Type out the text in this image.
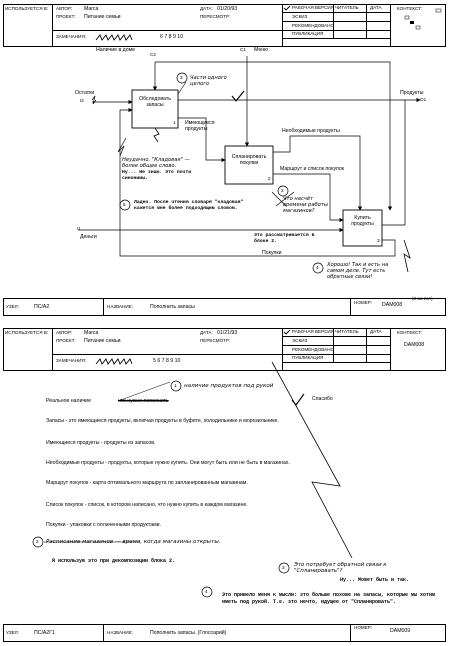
ИСПОЛЬЗУЕТСЯ В: АВТОР: Marca
ПРОЕКТ: Питание семьи
ДАТА: 01/20/93
ПЕРЕСМОТР:
ЗАМЕЧАНИЯ:	6 7 8 9 10
РАБОЧАЯ ВЕРСИЯ
ЭСКИЗ
РЕКОМЕНДОВАНО
ПУБЛИКАЦИЯ
ЧИТАТЕЛЬ ДАТА	КОНТЕКСТ:
C2
Наличие в доме	C1 Меню
I2
Остатки
O1
Продукты
I1
Деньги
Обследовать запасы
1
Спланировать покупки
2
Купить продукты
3
Имеющиеся продукты	Необходимые продукты
Маршрут и список покупок
Покупки
3 Части одного целого
Неудачно. "Кладовая" — более общее слово.
Ну... Не знаю. Это почти синонимы.
5 Ладно. После чтения словаря "кладовая" кажется мне более подходящим словом.
2
Что насчёт времени работы магазинов?
Это рассматривается в блоке 2.
4 Хорошо! Так и есть на самом деле. Тут есть обратные связи!
УЗЕЛ:	ПС/А2	НАЗВАНИЕ:	Пополнить запасы
НОМЕР: DAM008
(3 км ссл)
ИСПОЛЬЗУЕТСЯ В: АВТОР: Marca
ПРОЕКТ: Питание семьи
ДАТА: 01/21/93
ПЕРЕСМОТР:
ЗАМЕЧАНИЯ:	5 6 7 8 9 10
РАБОЧАЯ ВЕРСИЯ
ЭСКИЗ
РЕКОМЕНДОВАНО
ПУБЛИКАЦИЯ
ЧИТАТЕЛЬ ДАТА	КОНТЕКСТ:
DAM008
1 наличие продуктов под рукой
Реальное наличие	что нужно пополнить	Спасибо
Запасы - это имеющиеся продукты, включая продукты в буфете, холодильнике и морозильнике.
Имеющиеся продукты - продукты из запасов.
Необходимые продукты - продукты, которые нужно купить. Они могут быть или не быть в магазинах.
Маршрут покупок - карта оптимального маршрута по запланированным магазинам.
Список покупок - список, в котором написано, что нужно купить в каждом магазине.
Покупки - упаковки с оплаченными продуктами.
2 Расписание магазинов — время, когда магазины открыты.
Я использую это при декомпозиции блока 2.
3 Это потребует обратной связи к "Спланировать"?
Ну... Может быть и так.
4
Это привело меня к мысли: это больше похоже на запасы, которые мы хотим иметь под рукой. Т.е. это нечто, идущее от "Спланировать".
УЗЕЛ:	ПС/А2Г1	НАЗВАНИЕ:	Пополнить запасы. (Глоссарий)
НОМЕР:
DAM009
